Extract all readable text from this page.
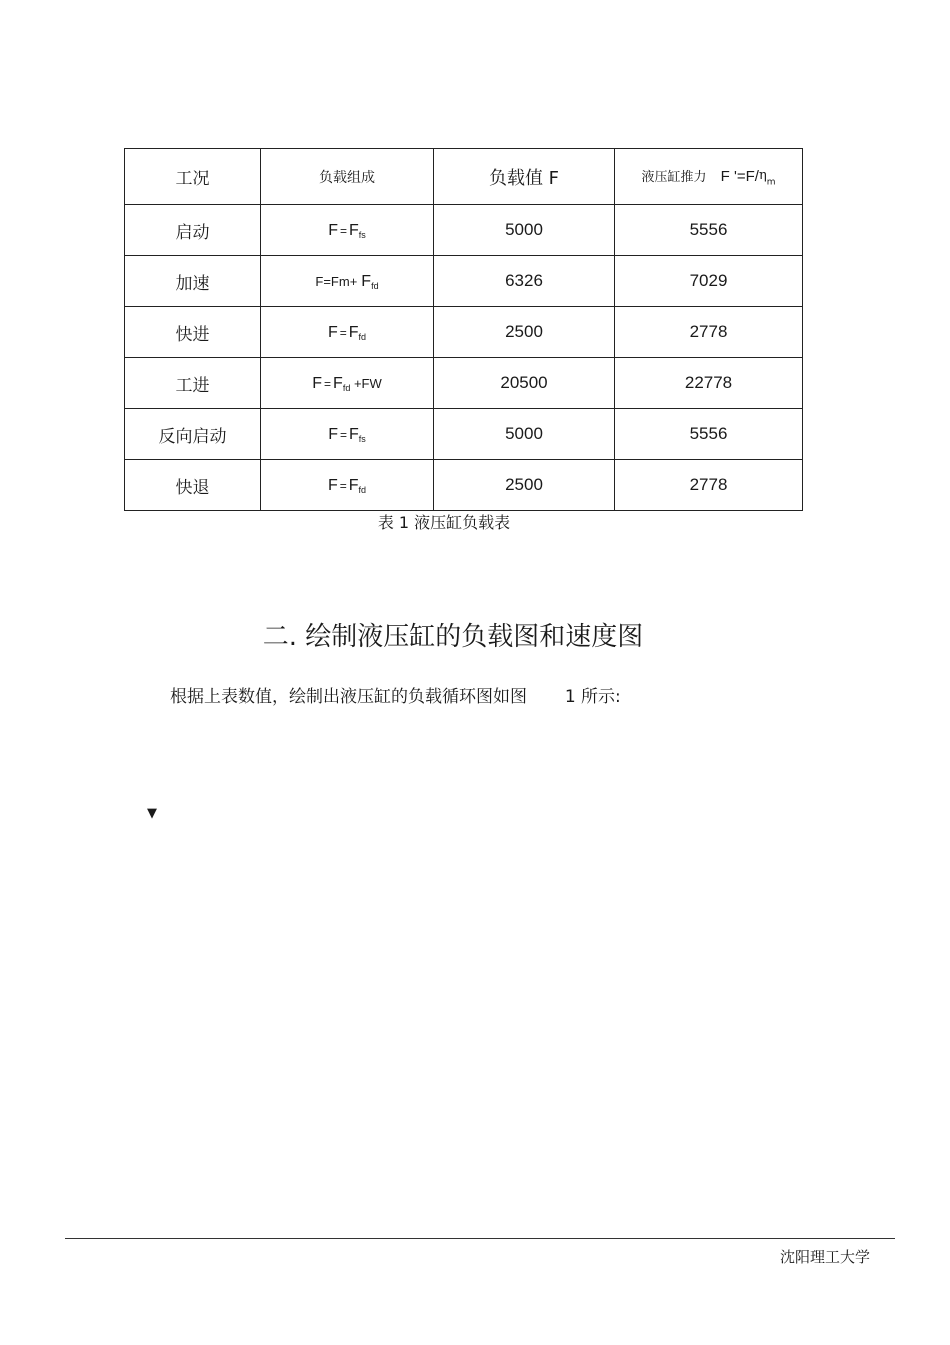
工况	负载组成	负载值 F	液压缸推力 F '$=F/\eta_m$
启动	$F = F_{fs}$	5000	5556
加速	$F=Fm+ F_{fd}$	6326	7029
快进	$F = F_{fd}$	2500	2778
工进	$F = F_{fd} +FW$	20500	22778
反向启动	$F = F_{fs}$	5000	5556
快退	$F = F_{fd}$	2500	2778
表 1 液压缸负载表
二. 绘制液压缸的负载图和速度图
根据上表数值，绘制出液压缸的负载循环图如图       1 所示:
▼
沈阳理工大学
